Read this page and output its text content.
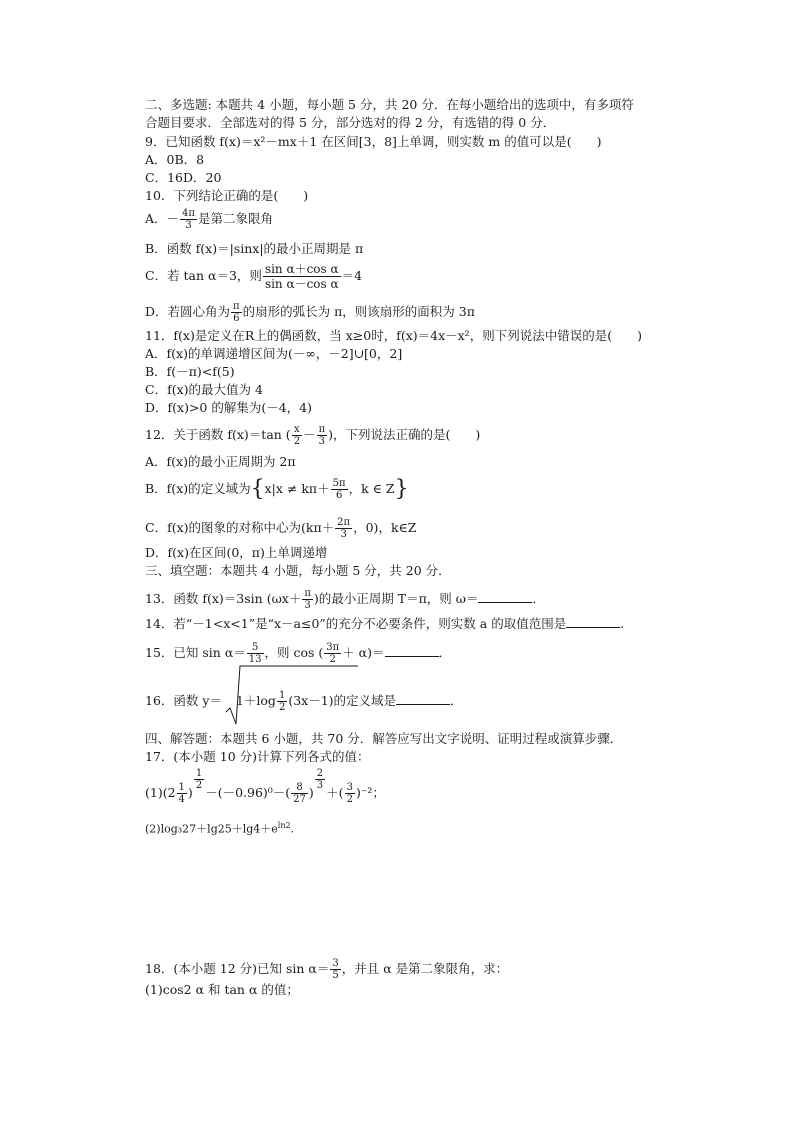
二、多选题: 本题共 4 小题，每小题 5 分，共 20 分．在每小题给出的选项中，有多项符
合题目要求．全部选对的得 5 分，部分选对的得 2 分，有选错的得 0 分．
9．已知函数 f(x)＝x²－mx＋1 在区间[3，8]上单调，则实数 m 的值可以是(　　)
A．0B．8
C．16D．20
10．下列结论正确的是(　　)
A．－ $\frac{4\pi}{3}$ 是第二象限角
B．函数 f(x)＝|sinx|的最小正周期是 π
C．若 tan α＝3，则 $\frac{\text{sin α＋cos α}}{\text{sin α－cos α}} =4$
D．若圆心角为 $\frac{\pi}{6}$ 的扇形的弧长为 π，则该扇形的面积为 3π
11．f(x)是定义在R上的偶函数，当 x≥0时，f(x)＝4x－x²，则下列说法中错误的是(　　)
A．f(x)的单调递增区间为(－∞，－2]∪[0，2]
B．f(－π)<f(5)
C．f(x)的最大值为 4
D．f(x)>0 的解集为(－4，4)
12．关于函数 f(x)＝tan ( $\frac{x}{2} - \frac{\pi}{3}$ )，下列说法正确的是(　　)
A．f(x)的最小正周期为 2π
B．f(x)的定义域为{$x|x \ne k\pi+ \frac{5\pi}{6}$ ，k ∈ Z}
C．f(x)的图象的对称中心为($k\pi+ \frac{2\pi}{3}$ ，0)，k∈Z
D．f(x)在区间(0，π)上单调递增
三、填空题：本题共 4 小题，每小题 5 分，共 20 分．
13．函数 f(x)＝3sin ($\omega x+ \frac{\pi}{3}$ )的最小正周期 T＝π，则 ω＝	．
14．若“－1<x<1”是“x－a≤0”的充分不必要条件，则实数 a 的取值范围是	．
15．已知 $\sin \alpha= \frac{5}{13}$ ，则 cos ( $\frac{3\pi}{2} + \alpha)=$	．
16．函数 $y= 1+\log \frac{1}{2} (3x-1)$的定义域是	．
四、解答题：本题共 6 小题，共 70 分．解答应写出文字说明、证明过程或演算步骤．
17．(本小题 10 分)计算下列各式的值：
$(1)(2 \frac{1}{4}$ )
$\frac{1}{2}$
$-(-0.96)^0-( \frac{8}{27}$ )
$\frac{2}{3}$
＋( $\frac{3}{2} )^{-2}$；
$(2)\log_327+\lg 25+\lg 4+e^{ln2}$.
18．(本小题 12 分)已知 $\sin \alpha= \frac{3}{5}$ ，并且 α 是第二象限角，求：
(1)cos2 α 和 tan α 的值；
